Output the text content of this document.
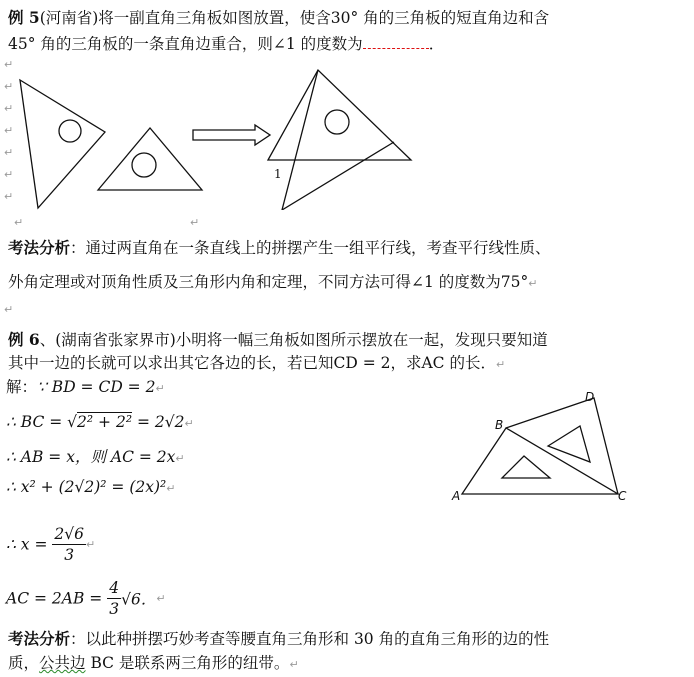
例 5(河南省)将一副直角三角板如图放置，使含30° 角的三角板的短直角边和含
45° 角的三角板的一条直角边重合，则∠1 的度数为	．
↵
↵
↵
↵
↵
↵
↵
↵	↵
1
考法分析：通过两直角在一条直线上的拼摆产生一组平行线，考查平行线性质、
外角定理或对顶角性质及三角形内角和定理，不同方法可得∠1 的度数为75°↵
↵
例 6、(湖南省张家界市)小明将一幅三角板如图所示摆放在一起，发现只要知道
其中一边的长就可以求出其它各边的长，若已知CD = 2，求AC 的长．↵
解：∵ BD = CD = 2↵
∴ BC = √2² + 2² = 2√2↵
∴ AB = x，则 AC = 2x↵
∴ x² + (2√2)² = (2x)²↵
∴ $x = \frac{2√6}{3}$ ↵
AC = $2AB = \frac{4}{3} √6$．↵
A
B
C
D
考法分析：以此种拼摆巧妙考查等腰直角三角形和 30 角的直角三角形的边的性
质，公共边 BC 是联系两三角形的纽带。↵
